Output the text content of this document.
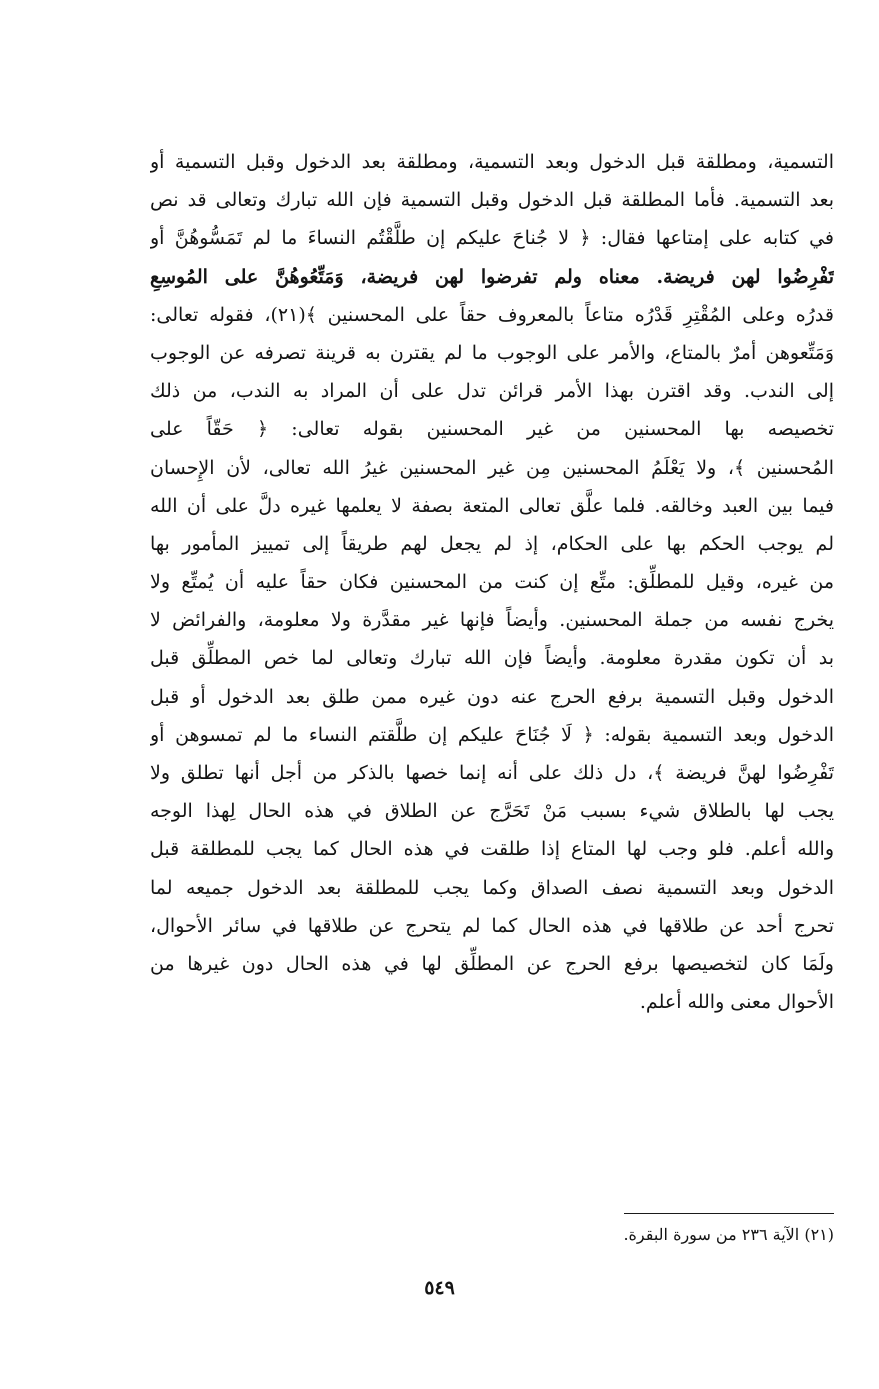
التسمية، ومطلقة قبل الدخول وبعد التسمية، ومطلقة بعد الدخول وقبل التسمية أو
بعد التسمية. فأما المطلقة قبل الدخول وقبل التسمية فإن الله تبارك وتعالى قد نص
في كتابه على إمتاعها فقال: ﴿ لا جُناحَ عليكم إن طلَّقْتُم النساءَ ما لم تَمَسُّوهُنَّ أو
تَفْرِضُوا لهن فريضة. معناه ولم تفرضوا لهن فريضة، وَمَتِّعُوهُنَّ على المُوسِعِ
قدرُه وعلى المُقْتِرِ قَدْرُه متاعاً بالمعروف حقاً على المحسنين ﴾(٢١)، فقوله تعالى:
وَمَتِّعوهن أمرٌ بالمتاع، والأمر على الوجوب ما لم يقترن به قرينة تصرفه عن الوجوب
إلى الندب. وقد اقترن بهذا الأمر قرائن تدل على أن المراد به الندب، من ذلك
تخصيصه بها المحسنين من غير المحسنين بقوله تعالى: ﴿ حَقّاً على
المُحسنين ﴾، ولا يَعْلَمُ المحسنين مِن غير المحسنين غيرُ الله تعالى، لأن الإِحسان
فيما بين العبد وخالقه. فلما علَّق تعالى المتعة بصفة لا يعلمها غيره دلَّ على أن الله
لم يوجب الحكم بها على الحكام، إذ لم يجعل لهم طريقاً إلى تمييز المأمور بها
من غيره، وقيل للمطلِّق: متِّع إن كنت من المحسنين فكان حقاً عليه أن يُمتِّع ولا
يخرج نفسه من جملة المحسنين. وأيضاً فإنها غير مقدَّرة ولا معلومة، والفرائض لا
بد أن تكون مقدرة معلومة. وأيضاً فإن الله تبارك وتعالى لما خص المطلِّق قبل
الدخول وقبل التسمية برفع الحرج عنه دون غيره ممن طلق بعد الدخول أو قبل
الدخول وبعد التسمية بقوله: ﴿ لَا جُنَاحَ عليكم إن طلَّقتم النساء ما لم تمسوهن أو
تَفْرِضُوا لهنَّ فريضة ﴾، دل ذلك على أنه إنما خصها بالذكر من أجل أنها تطلق ولا
يجب لها بالطلاق شيء بسبب مَنْ تَحَرَّج عن الطلاق في هذه الحال لِهذا الوجه
والله أعلم. فلو وجب لها المتاع إذا طلقت في هذه الحال كما يجب للمطلقة قبل
الدخول وبعد التسمية نصف الصداق وكما يجب للمطلقة بعد الدخول جميعه لما
تحرج أحد عن طلاقها في هذه الحال كما لم يتحرج عن طلاقها في سائر الأحوال،
ولَمَا كان لتخصيصها برفع الحرج عن المطلِّق لها في هذه الحال دون غيرها من
الأحوال معنى والله أعلم.
(٢١) الآية ٢٣٦ من سورة البقرة.
٥٤٩
